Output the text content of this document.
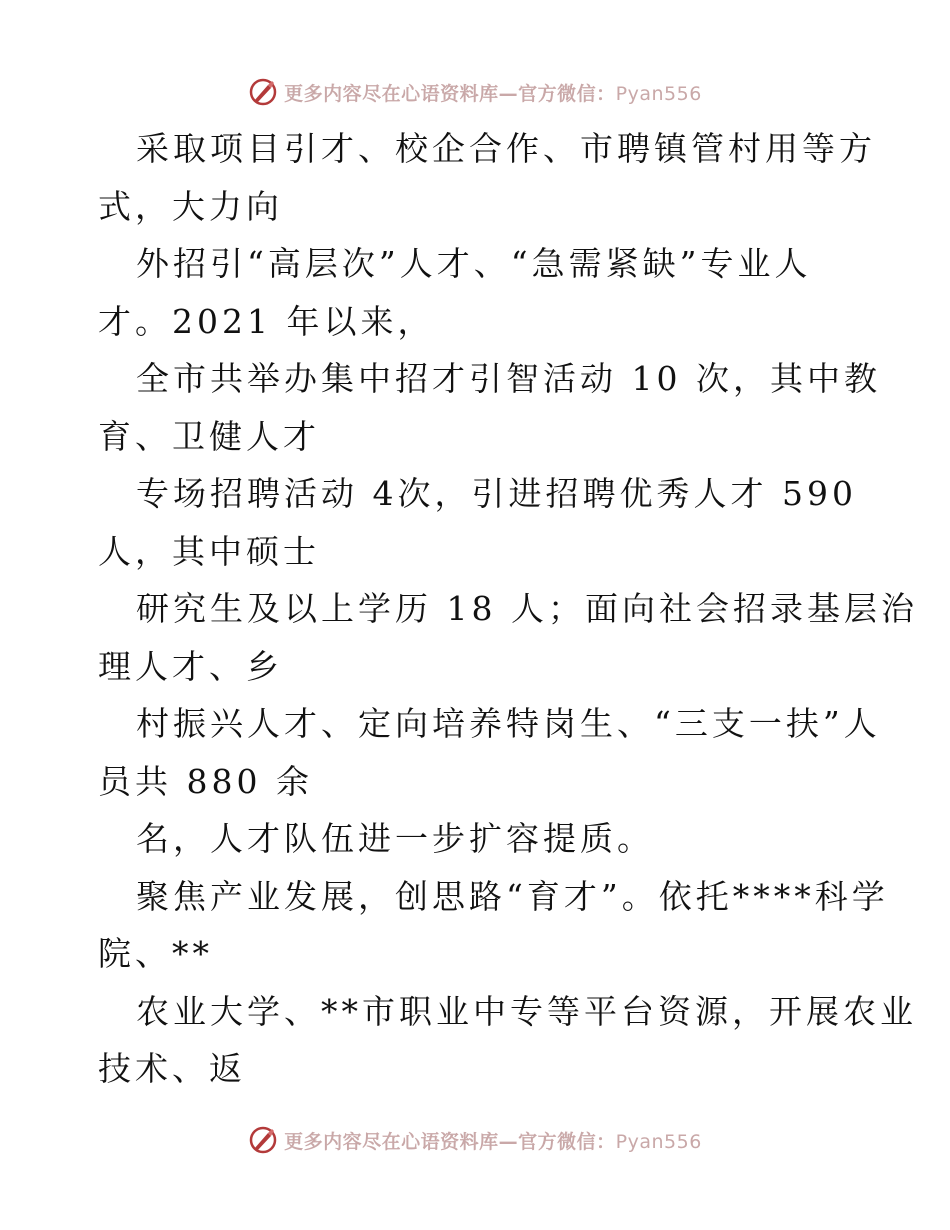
更多内容尽在心语资料库—官方微信：Pyan556
采取项目引才、校企合作、市聘镇管村用等方
式，大力向
外招引“高层次”人才、“急需紧缺”专业人
才。2021 年以来，
全市共举办集中招才引智活动 10 次，其中教
育、卫健人才
专场招聘活动 4次，引进招聘优秀人才 590
人，其中硕士
研究生及以上学历 18 人；面向社会招录基层治
理人才、乡
村振兴人才、定向培养特岗生、“三支一扶”人
员共 880 余
名，人才队伍进一步扩容提质。
聚焦产业发展，创思路“育才”。依托****科学
院、**
农业大学、**市职业中专等平台资源，开展农业
技术、返
更多内容尽在心语资料库—官方微信：Pyan556
